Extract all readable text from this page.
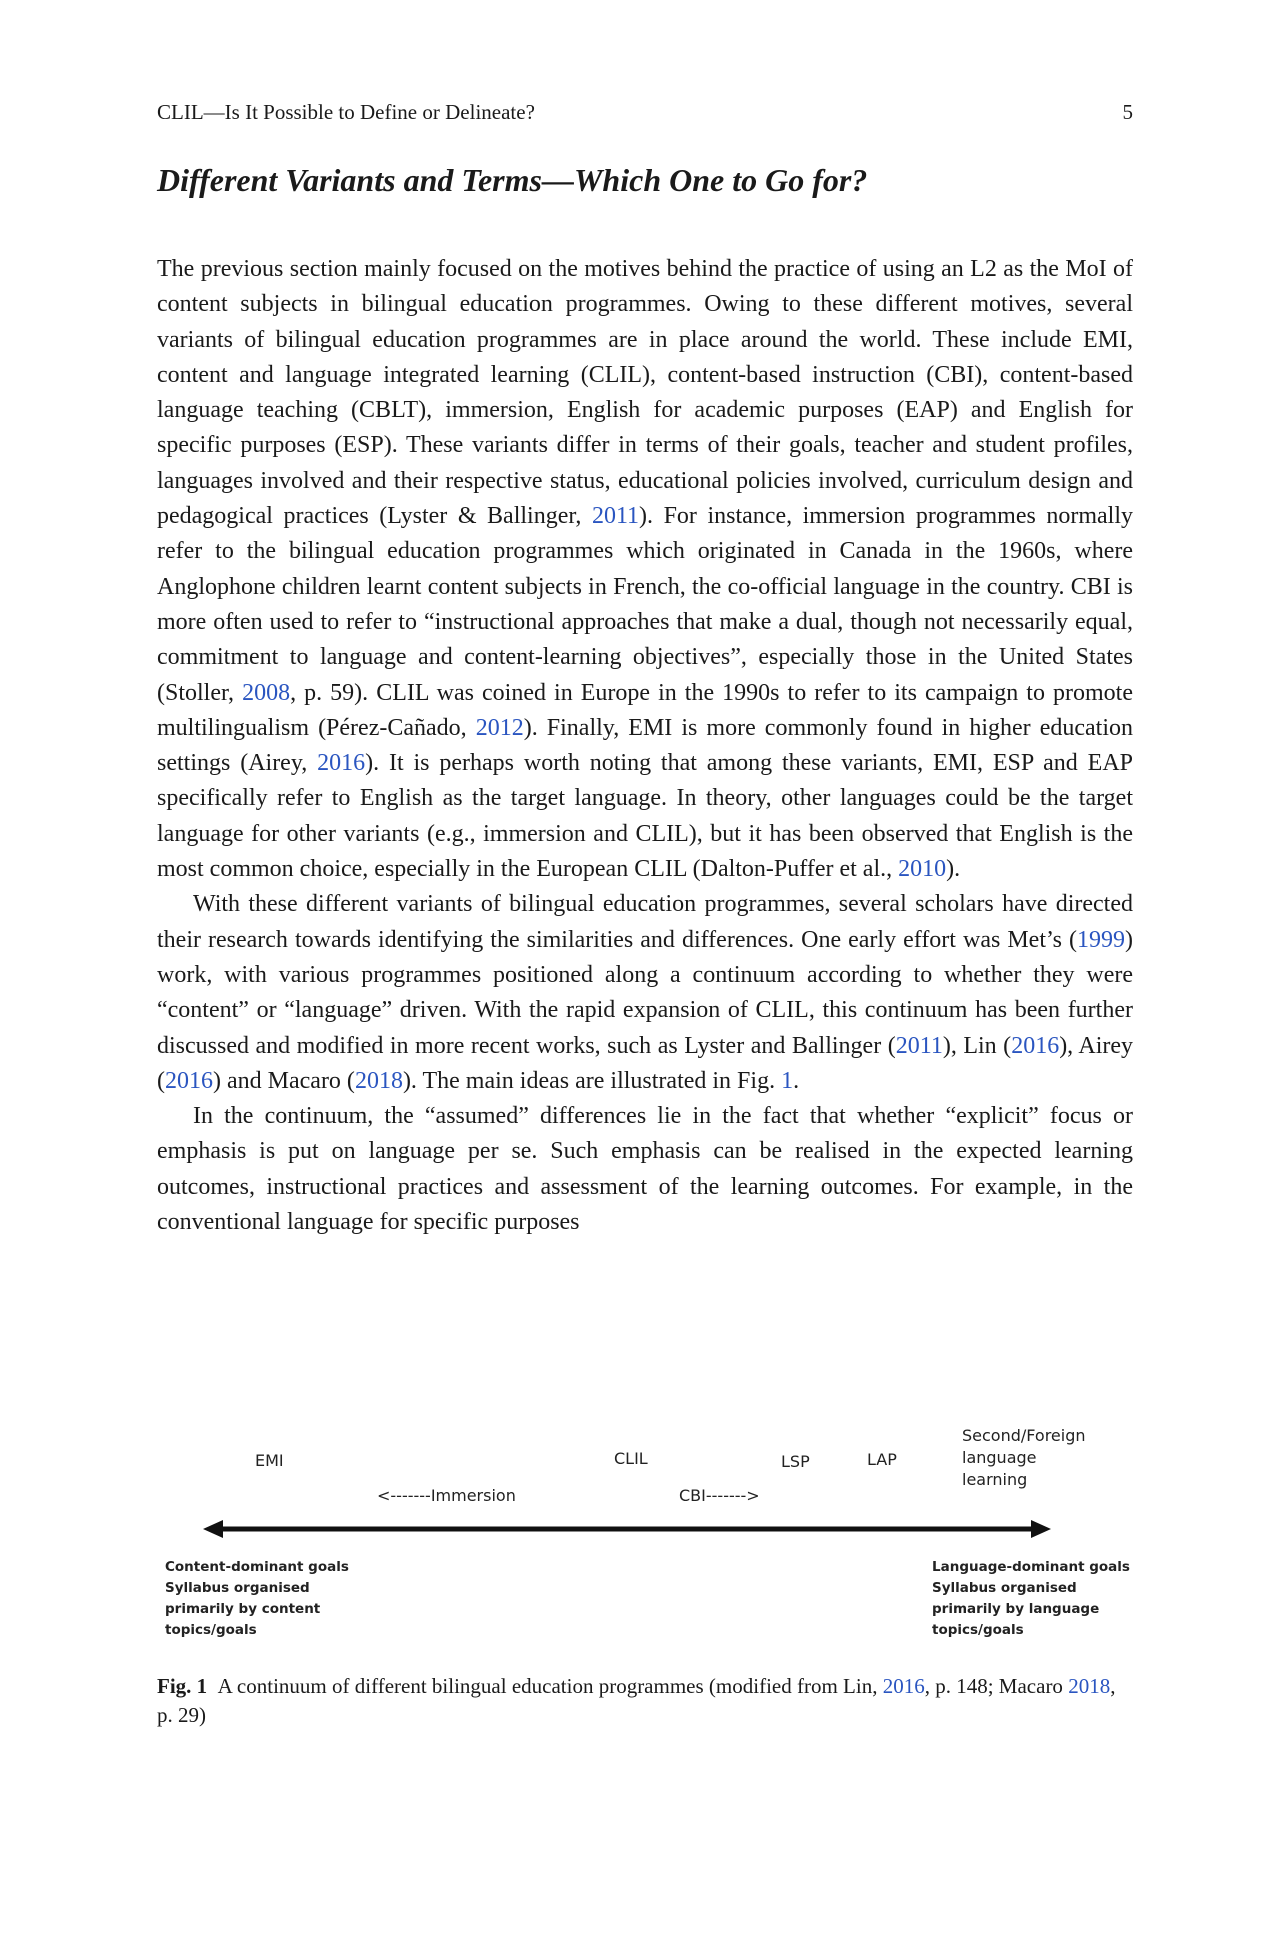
CLIL—Is It Possible to Define or Delineate?	5
Different Variants and Terms—Which One to Go for?

The previous section mainly focused on the motives behind the practice of using an L2 as the MoI of content subjects in bilingual education programmes. Owing to these different motives, several variants of bilingual education programmes are in place around the world. These include EMI, content and language integrated learning (CLIL), content-based instruction (CBI), content-based language teaching (CBLT), immersion, English for academic purposes (EAP) and English for specific purposes (ESP). These variants differ in terms of their goals, teacher and student profiles, languages involved and their respective status, educational policies involved, curriculum design and pedagogical practices (Lyster & Ballinger, 2011). For instance, immersion programmes normally refer to the bilingual education programmes which originated in Canada in the 1960s, where Anglophone children learnt content subjects in French, the co-official language in the country. CBI is more often used to refer to “instructional approaches that make a dual, though not necessarily equal, commitment to language and content-learning objectives”, especially those in the United States (Stoller, 2008, p. 59). CLIL was coined in Europe in the 1990s to refer to its campaign to promote multilingualism (Pérez-Cañado, 2012). Finally, EMI is more commonly found in higher education settings (Airey, 2016). It is perhaps worth noting that among these variants, EMI, ESP and EAP specifically refer to English as the target language. In theory, other languages could be the target language for other variants (e.g., immersion and CLIL), but it has been observed that English is the most common choice, especially in the European CLIL (Dalton-Puffer et al., 2010).

With these different variants of bilingual education programmes, several scholars have directed their research towards identifying the similarities and differences. One early effort was Met’s (1999) work, with various programmes positioned along a continuum according to whether they were “content” or “language” driven. With the rapid expansion of CLIL, this continuum has been further discussed and modified in more recent works, such as Lyster and Ballinger (2011), Lin (2016), Airey (2016) and Macaro (2018). The main ideas are illustrated in Fig. 1.

In the continuum, the “assumed” differences lie in the fact that whether “explicit” focus or emphasis is put on language per se. Such emphasis can be realised in the expected learning outcomes, instructional practices and assessment of the learning outcomes. For example, in the conventional language for specific purposes

EMI
<-------Immersion
CLIL
CBI------->
LSP	LAP
Second/Foreign
language
learning
Content-dominant goals
Syllabus organised
primarily by content
topics/goals
Language-dominant goals
Syllabus organised
primarily by language
topics/goals
Fig. 1 A continuum of different bilingual education programmes (modified from Lin, 2016, p. 148; Macaro 2018, p. 29)
